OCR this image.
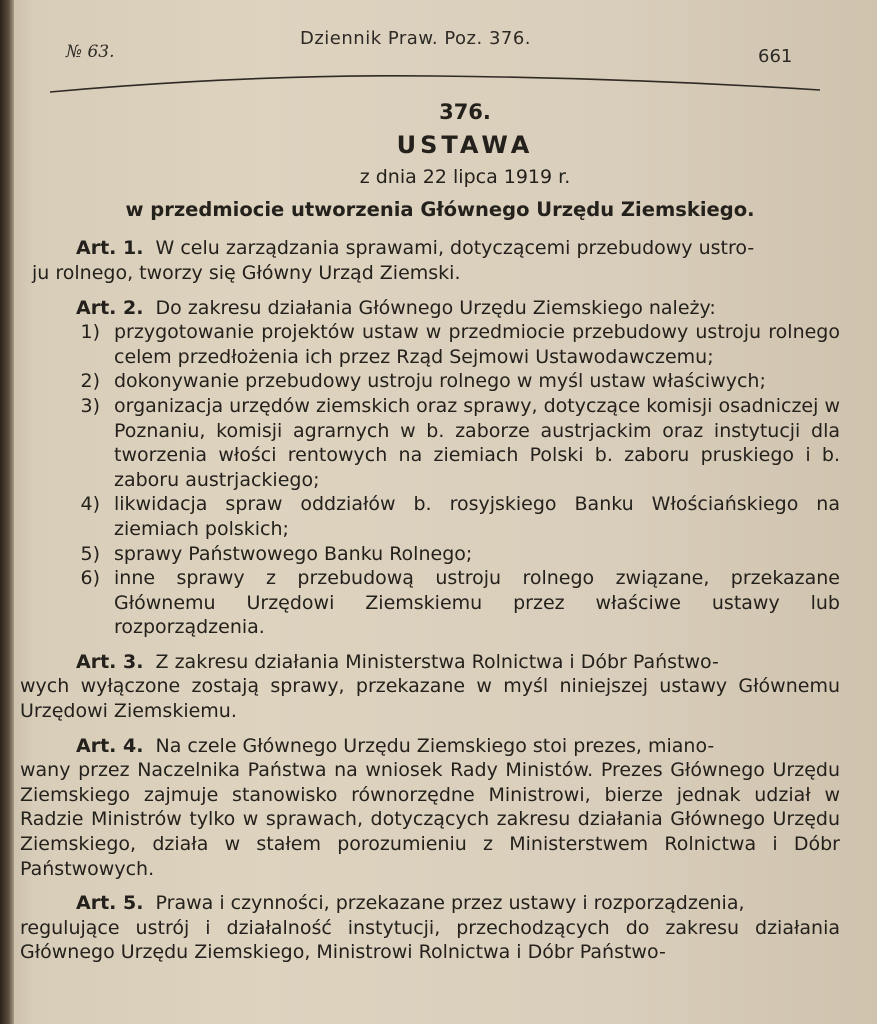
№ 63.
Dziennik Praw. Poz. 376.
661
376.
USTAWA
z dnia 22 lipca 1919 r.
w przedmiocie utworzenia Głównego Urzędu Ziemskiego.
Art. 1. W celu zarządzania sprawami, dotyczącemi przebudowy ustro-
ju rolnego, tworzy się Główny Urząd Ziemski.
Art. 2. Do zakresu działania Głównego Urzędu Ziemskiego należy:
1) przygotowanie projektów ustaw w przedmiocie przebudowy ustroju rolnego celem przedłożenia ich przez Rząd Sejmowi Ustawodawczemu;
2) dokonywanie przebudowy ustroju rolnego w myśl ustaw właściwych;
3) organizacja urzędów ziemskich oraz sprawy, dotyczące komisji osadniczej w Poznaniu, komisji agrarnych w b. zaborze austrjackim oraz instytucji dla tworzenia włości rentowych na ziemiach Polski b. zaboru pruskiego i b. zaboru austrjackiego;
4) likwidacja spraw oddziałów b. rosyjskiego Banku Włościańskiego na ziemiach polskich;
5) sprawy Państwowego Banku Rolnego;
6) inne sprawy z przebudową ustroju rolnego związane, przekazane Głównemu Urzędowi Ziemskiemu przez właściwe ustawy lub rozporządzenia.
Art. 3. Z zakresu działania Ministerstwa Rolnictwa i Dóbr Państwo-
wych wyłączone zostają sprawy, przekazane w myśl niniejszej ustawy Głównemu Urzędowi Ziemskiemu.
Art. 4. Na czele Głównego Urzędu Ziemskiego stoi prezes, miano-
wany przez Naczelnika Państwa na wniosek Rady Ministów. Prezes Głównego Urzędu Ziemskiego zajmuje stanowisko równorzędne Ministrowi, bierze jednak udział w Radzie Ministrów tylko w sprawach, dotyczących zakresu działania Głównego Urzędu Ziemskiego, działa w stałem porozumieniu z Ministerstwem Rolnictwa i Dóbr Państwowych.
Art. 5. Prawa i czynności, przekazane przez ustawy i rozporządzenia,
regulujące ustrój i działalność instytucji, przechodzących do zakresu działania Głównego Urzędu Ziemskiego, Ministrowi Rolnictwa i Dóbr Państwo-
